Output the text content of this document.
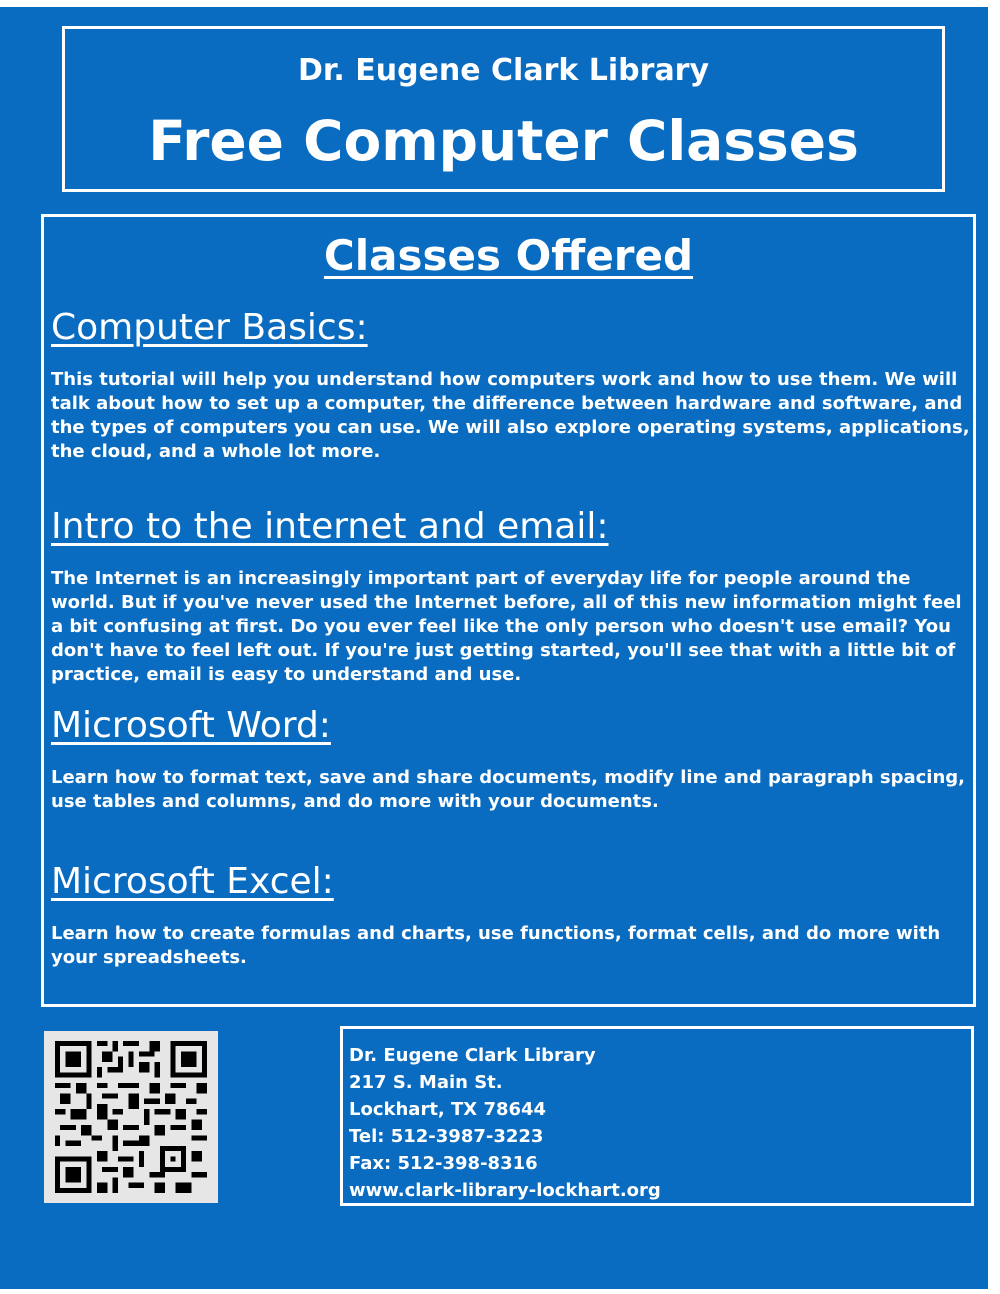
Dr. Eugene Clark Library
Free Computer Classes
Classes Offered
Computer Basics:
This tutorial will help you understand how computers work and how to use them. We will talk about how to set up a computer, the difference between hardware and software, and the types of computers you can use. We will also explore operating systems, applications, the cloud, and a whole lot more.
Intro to the internet and email:
The Internet is an increasingly important part of everyday life for people around the world. But if you've never used the Internet before, all of this new information might feel a bit confusing at first. Do you ever feel like the only person who doesn't use email? You don't have to feel left out. If you're just getting started, you'll see that with a little bit of practice, email is easy to understand and use.
Microsoft Word:
Learn how to format text, save and share documents, modify line and paragraph spacing, use tables and columns, and do more with your documents.
Microsoft Excel:
Learn how to create formulas and charts, use functions, format cells, and do more with your spreadsheets.
Dr. Eugene Clark Library
217 S. Main St.
Lockhart, TX 78644
Tel: 512-3987-3223
Fax: 512-398-8316
www.clark-library-lockhart.org
